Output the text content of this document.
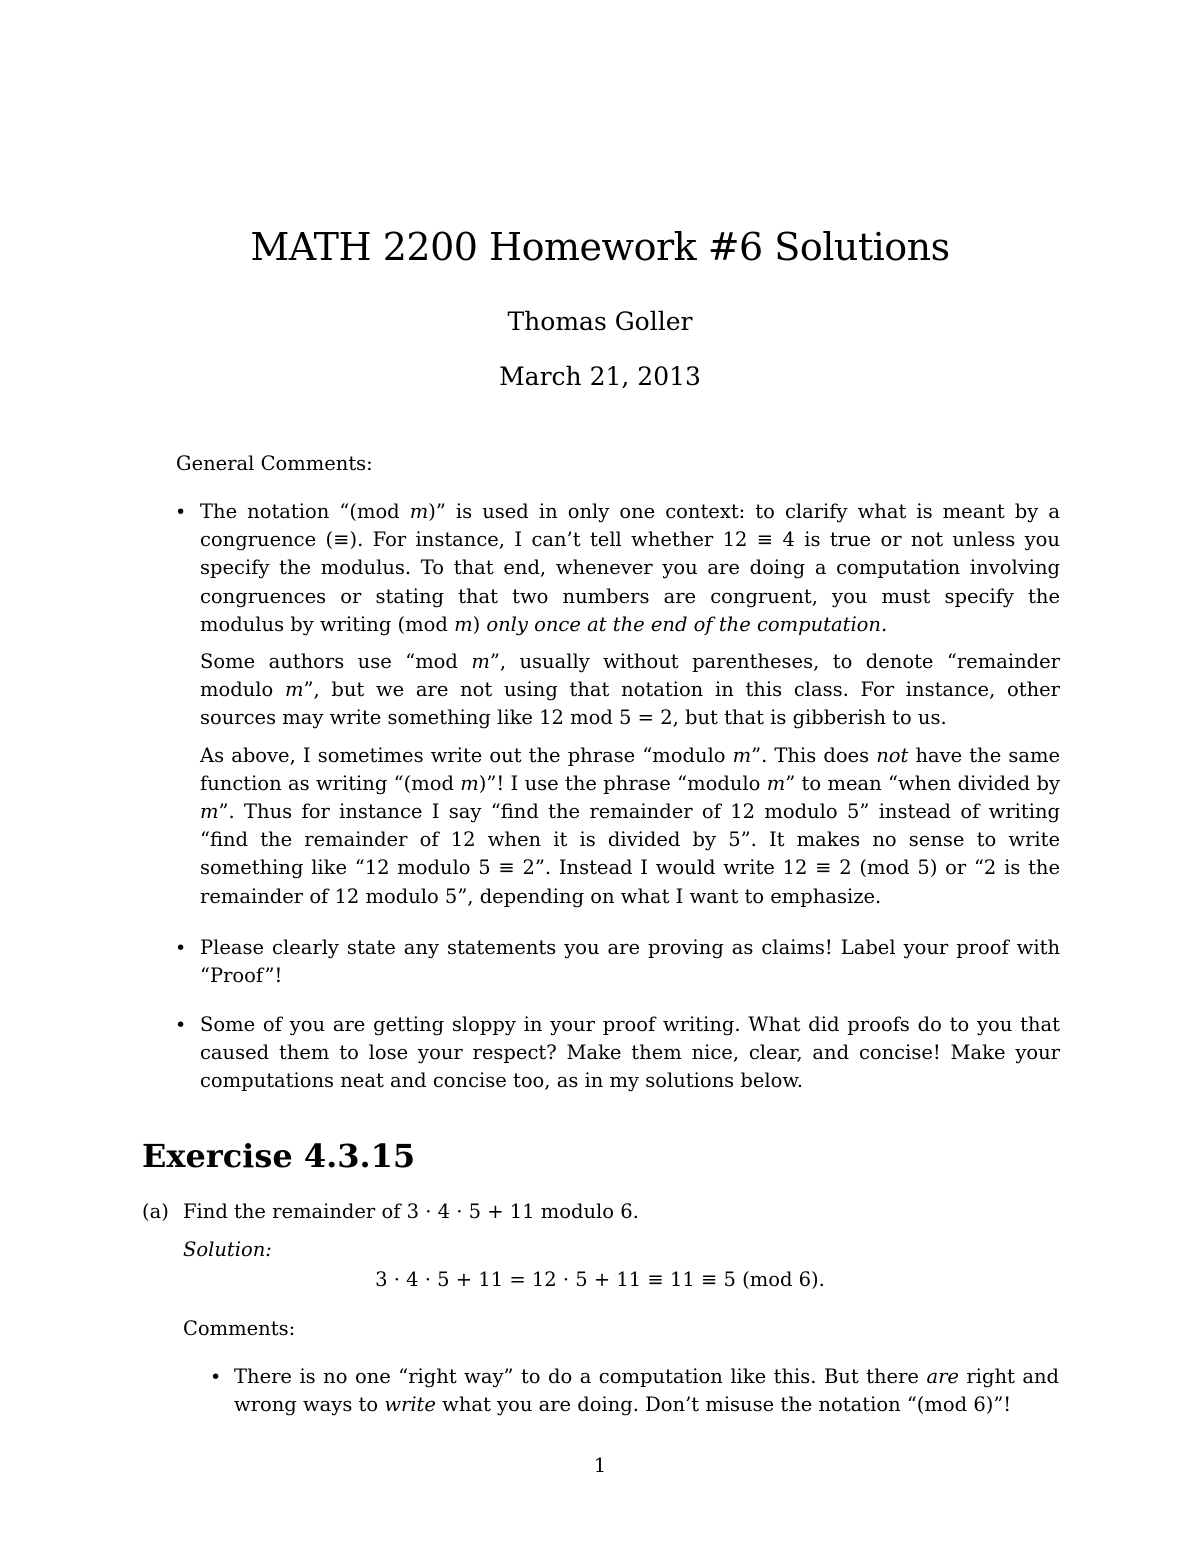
MATH 2200 Homework #6 Solutions
Thomas Goller
March 21, 2013
General Comments:
• The notation “(mod m)” is used in only one context: to clarify what is meant by a congruence (≡). For instance, I can’t tell whether 12 ≡ 4 is true or not unless you specify the modulus. To that end, whenever you are doing a computation involving congruences or stating that two numbers are congruent, you must specify the modulus by writing (mod m) only once at the end of the computation.
Some authors use “mod m”, usually without parentheses, to denote “remainder modulo m”, but we are not using that notation in this class. For instance, other sources may write something like 12 mod 5 = 2, but that is gibberish to us.
As above, I sometimes write out the phrase “modulo m”. This does not have the same function as writing “(mod m)”! I use the phrase “modulo m” to mean “when divided by m”. Thus for instance I say “find the remainder of 12 modulo 5” instead of writing “find the remainder of 12 when it is divided by 5”. It makes no sense to write something like “12 modulo 5 ≡ 2”. Instead I would write 12 ≡ 2 (mod 5) or “2 is the remainder of 12 modulo 5”, depending on what I want to emphasize.
• Please clearly state any statements you are proving as claims! Label your proof with “Proof”!
• Some of you are getting sloppy in your proof writing. What did proofs do to you that caused them to lose your respect? Make them nice, clear, and concise! Make your computations neat and concise too, as in my solutions below.
Exercise 4.3.15
(a) Find the remainder of 3 · 4 · 5 + 11 modulo 6.
Solution:
3 · 4 · 5 + 11 = 12 · 5 + 11 ≡ 11 ≡ 5 (mod 6).
Comments:
• There is no one “right way” to do a computation like this. But there are right and wrong ways to write what you are doing. Don’t misuse the notation “(mod 6)”!
1
